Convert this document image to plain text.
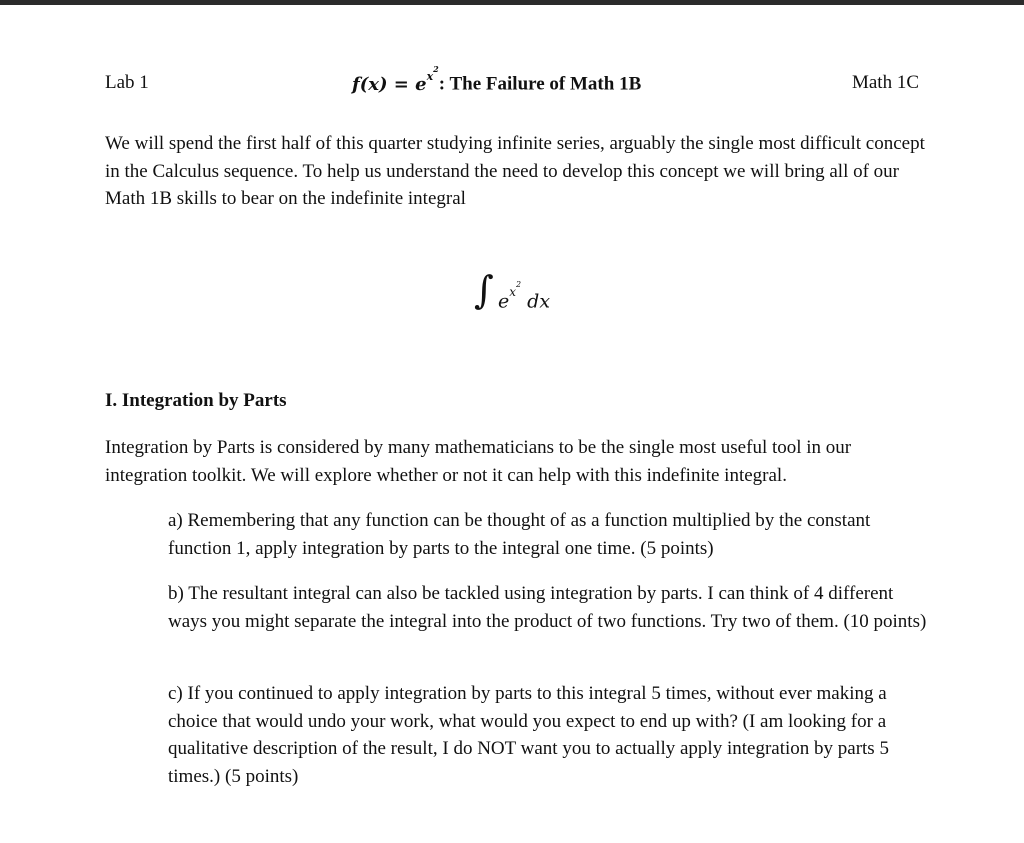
Lab 1	$f(x) = e^{x^2}$: The Failure of Math 1B	Math 1C

We will spend the first half of this quarter studying infinite series, arguably the single most difficult concept in the Calculus sequence. To help us understand the need to develop this concept we will bring all of our Math 1B skills to bear on the indefinite integral

∫ $e^{x^2}$ dx
I. Integration by Parts

Integration by Parts is considered by many mathematicians to be the single most useful tool in our integration toolkit. We will explore whether or not it can help with this indefinite integral.

a) Remembering that any function can be thought of as a function multiplied by the constant function 1, apply integration by parts to the integral one time. (5 points)

b) The resultant integral can also be tackled using integration by parts. I can think of 4 different ways you might separate the integral into the product of two functions. Try two of them. (10 points)

c) If you continued to apply integration by parts to this integral 5 times, without ever making a choice that would undo your work, what would you expect to end up with? (I am looking for a qualitative description of the result, I do NOT want you to actually apply integration by parts 5 times.) (5 points)
